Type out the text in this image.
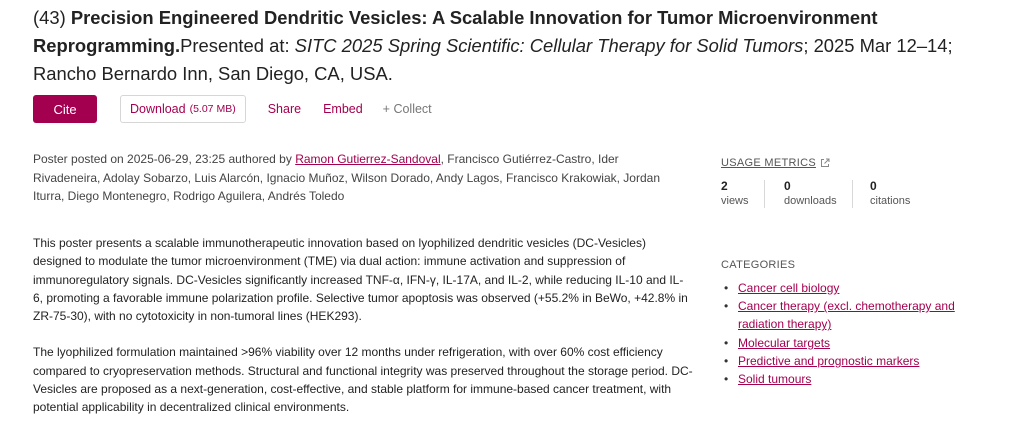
(43) Precision Engineered Dendritic Vesicles: A Scalable Innovation for Tumor Microenvironment Reprogramming.Presented at: SITC 2025 Spring Scientific: Cellular Therapy for Solid Tumors; 2025 Mar 12–14; Rancho Bernardo Inn, San Diego, CA, USA.
Cite	Download (5.07 MB)	Share Embed + Collect
Poster posted on 2025-06-29, 23:25 authored by Ramon Gutierrez-Sandoval, Francisco Gutiérrez-Castro, Ider Rivadeneira, Adolay Sobarzo, Luis Alarcón, Ignacio Muñoz, Wilson Dorado, Andy Lagos, Francisco Krakowiak, Jordan Iturra, Diego Montenegro, Rodrigo Aguilera, Andrés Toledo

This poster presents a scalable immunotherapeutic innovation based on lyophilized dendritic vesicles (DC-Vesicles) designed to modulate the tumor microenvironment (TME) via dual action: immune activation and suppression of immunoregulatory signals. DC-Vesicles significantly increased TNF-α, IFN-γ, IL-17A, and IL-2, while reducing IL-10 and IL-6, promoting a favorable immune polarization profile. Selective tumor apoptosis was observed (+55.2% in BeWo, +42.8% in ZR-75-30), with no cytotoxicity in non-tumoral lines (HEK293).

The lyophilized formulation maintained >96% viability over 12 months under refrigeration, with over 60% cost efficiency compared to cryopreservation methods. Structural and functional integrity was preserved throughout the storage period. DC-Vesicles are proposed as a next-generation, cost-effective, and stable platform for immune-based cancer treatment, with potential applicability in decentralized clinical environments.

USAGE METRICS
2
views
0
downloads
0
citations
CATEGORIES
• Cancer cell biology
• Cancer therapy (excl. chemotherapy and radiation therapy)
• Molecular targets
• Predictive and prognostic markers
• Solid tumours
